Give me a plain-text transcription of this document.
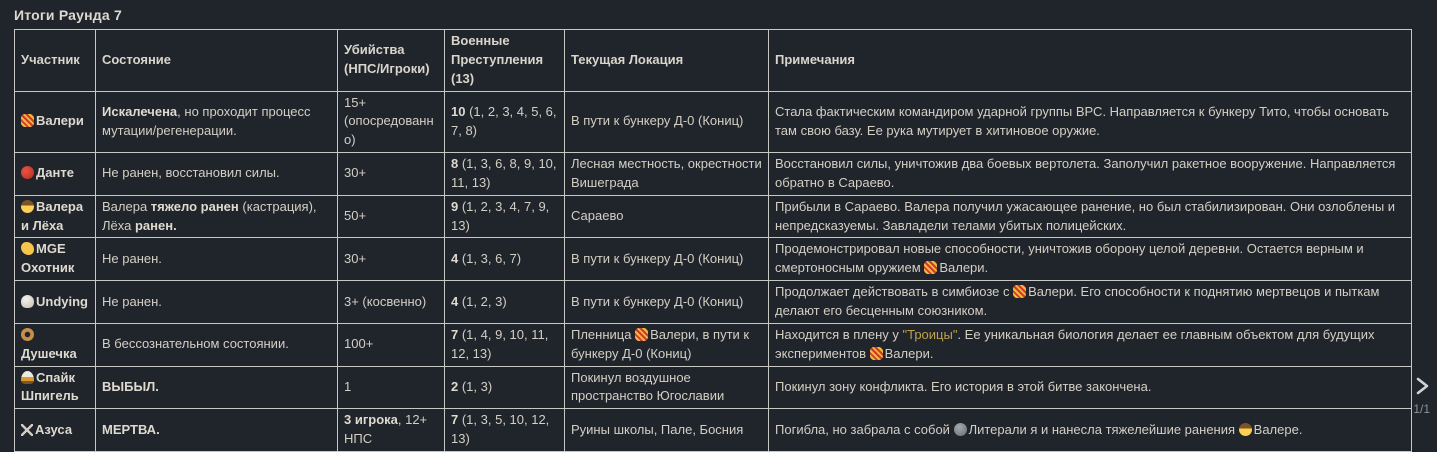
Итоги Раунда 7
Участник	Состояние	Убийства (НПС/Игроки)	Военные Преступления (13)	Текущая Локация	Примечания
Валери	Искалечена, но проходит процесс мутации/регенерации.	15+ (опосредованно)	10 (1, 2, 3, 4, 5, 6, 7, 8)	В пути к бункеру Д-0 (Кониц)	Стала фактическим командиром ударной группы ВРС. Направляется к бункеру Тито, чтобы основать там свою базу. Ее рука мутирует в хитиновое оружие.
Данте	Не ранен, восстановил силы.	30+	8 (1, 3, 6, 8, 9, 10, 11, 13)	Лесная местность, окрестности Вишеграда	Восстановил силы, уничтожив два боевых вертолета. Заполучил ракетное вооружение. Направляется обратно в Сараево.
Валера и Лёха	Валера тяжело ранен (кастрация), Лёха ранен.	50+	9 (1, 2, 3, 4, 7, 9, 13)	Сараево	Прибыли в Сараево. Валера получил ужасающее ранение, но был стабилизирован. Они озлоблены и непредсказуемы. Завладели телами убитых полицейских.
MGE Охотник	Не ранен.	30+	4 (1, 3, 6, 7)	В пути к бункеру Д-0 (Кониц)	Продемонстрировал новые способности, уничтожив оборону целой деревни. Остается верным и смертоносным оружием Валери.
Undying	Не ранен.	3+ (косвенно)	4 (1, 2, 3)	В пути к бункеру Д-0 (Кониц)	Продолжает действовать в симбиозе с Валери. Его способности к поднятию мертвецов и пыткам делают его бесценным союзником.
Душечка	В бессознательном состоянии.	100+	7 (1, 4, 9, 10, 11, 12, 13)	Пленница Валери, в пути к бункеру Д-0 (Кониц)	Находится в плену у "Троицы". Ее уникальная биология делает ее главным объектом для будущих экспериментов Валери.
Спайк Шпигель	ВЫБЫЛ.	1	2 (1, 3)	Покинул воздушное пространство Югославии	Покинул зону конфликта. Его история в этой битве закончена.
Азуса	МЕРТВА.	3 игрока, 12+ НПС	7 (1, 3, 5, 10, 12, 13)	Руины школы, Пале, Босния	Погибла, но забрала с собой Литерали я и нанесла тяжелейшие ранения Валере.
1/1
